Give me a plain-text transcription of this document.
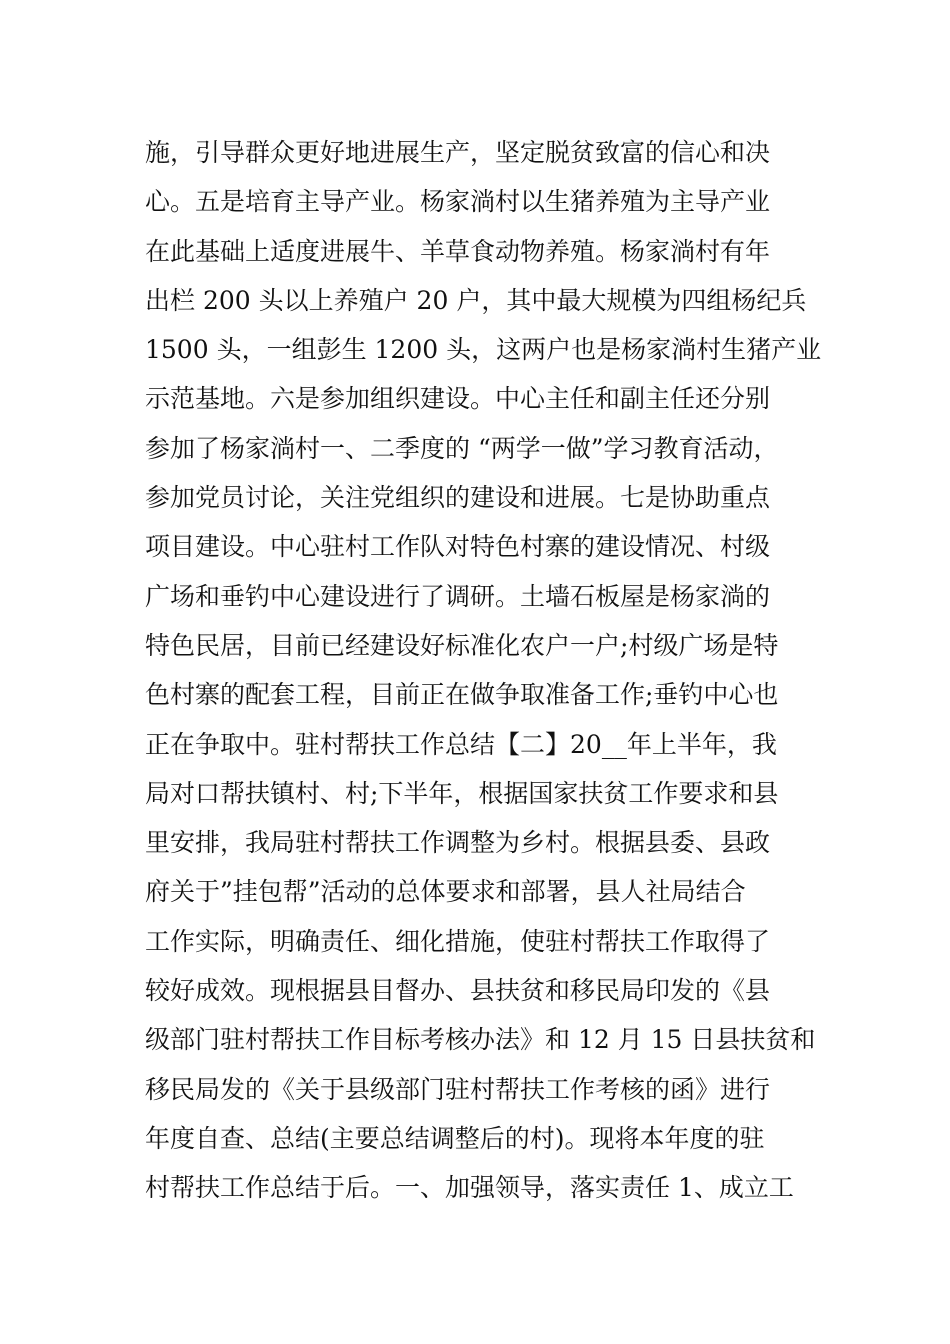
施，引导群众更好地进展生产，坚定脱贫致富的信心和决
心。五是培育主导产业。杨家淌村以生猪养殖为主导产业
在此基础上适度进展牛、羊草食动物养殖。杨家淌村有年
出栏 200 头以上养殖户 20 户，其中最大规模为四组杨纪兵
1500 头，一组彭生 1200 头，这两户也是杨家淌村生猪产业
示范基地。六是参加组织建设。中心主任和副主任还分别
参加了杨家淌村一、二季度的 “两学一做”学习教育活动，
参加党员讨论，关注党组织的建设和进展。七是协助重点
项目建设。中心驻村工作队对特色村寨的建设情况、村级
广场和垂钓中心建设进行了调研。土墙石板屋是杨家淌的
特色民居，目前已经建设好标准化农户一户;村级广场是特
色村寨的配套工程，目前正在做争取准备工作;垂钓中心也
正在争取中。驻村帮扶工作总结【二】20__年上半年，我
局对口帮扶镇村、村;下半年，根据国家扶贫工作要求和县
里安排，我局驻村帮扶工作调整为乡村。根据县委、县政
府关于”挂包帮”活动的总体要求和部署，县人社局结合
工作实际，明确责任、细化措施，使驻村帮扶工作取得了
较好成效。现根据县目督办、县扶贫和移民局印发的《县
级部门驻村帮扶工作目标考核办法》和 12 月 15 日县扶贫和
移民局发的《关于县级部门驻村帮扶工作考核的函》进行
年度自查、总结(主要总结调整后的村)。现将本年度的驻
村帮扶工作总结于后。一、加强领导，落实责任 1、成立工
